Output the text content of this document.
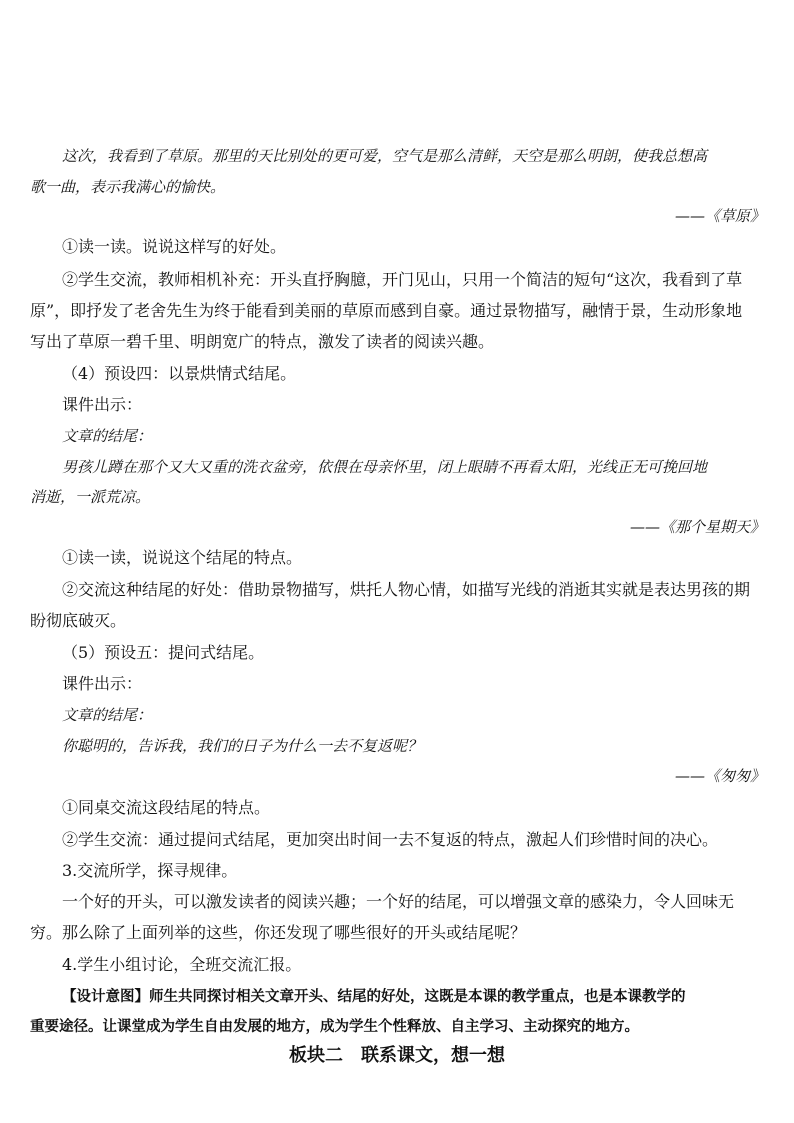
这次，我看到了草原。那里的天比别处的更可爱，空气是那么清鲜，天空是那么明朗，使我总想高

歌一曲，表示我满心的愉快。

——《草原》

①读一读。说说这样写的好处。

②学生交流，教师相机补充：开头直抒胸臆，开门见山，只用一个简洁的短句“这次，我看到了草

原”，即抒发了老舍先生为终于能看到美丽的草原而感到自豪。通过景物描写，融情于景，生动形象地

写出了草原一碧千里、明朗宽广的特点，激发了读者的阅读兴趣。

（4）预设四：以景烘情式结尾。

课件出示：

文章的结尾：

男孩儿蹲在那个又大又重的洗衣盆旁，依偎在母亲怀里，闭上眼睛不再看太阳，光线正无可挽回地

消逝，一派荒凉。

——《那个星期天》

①读一读，说说这个结尾的特点。

②交流这种结尾的好处：借助景物描写，烘托人物心情，如描写光线的消逝其实就是表达男孩的期

盼彻底破灭。

（5）预设五：提问式结尾。

课件出示：

文章的结尾：

你聪明的，告诉我，我们的日子为什么一去不复返呢？

——《匆匆》

①同桌交流这段结尾的特点。

②学生交流：通过提问式结尾，更加突出时间一去不复返的特点，激起人们珍惜时间的决心。

3.交流所学，探寻规律。

一个好的开头，可以激发读者的阅读兴趣；一个好的结尾，可以增强文章的感染力，令人回味无

穷。那么除了上面列举的这些，你还发现了哪些很好的开头或结尾呢？

4.学生小组讨论，全班交流汇报。

【设计意图】师生共同探讨相关文章开头、结尾的好处，这既是本课的教学重点，也是本课教学的

重要途径。让课堂成为学生自由发展的地方，成为学生个性释放、自主学习、主动探究的地方。

板块二　联系课文，想一想
